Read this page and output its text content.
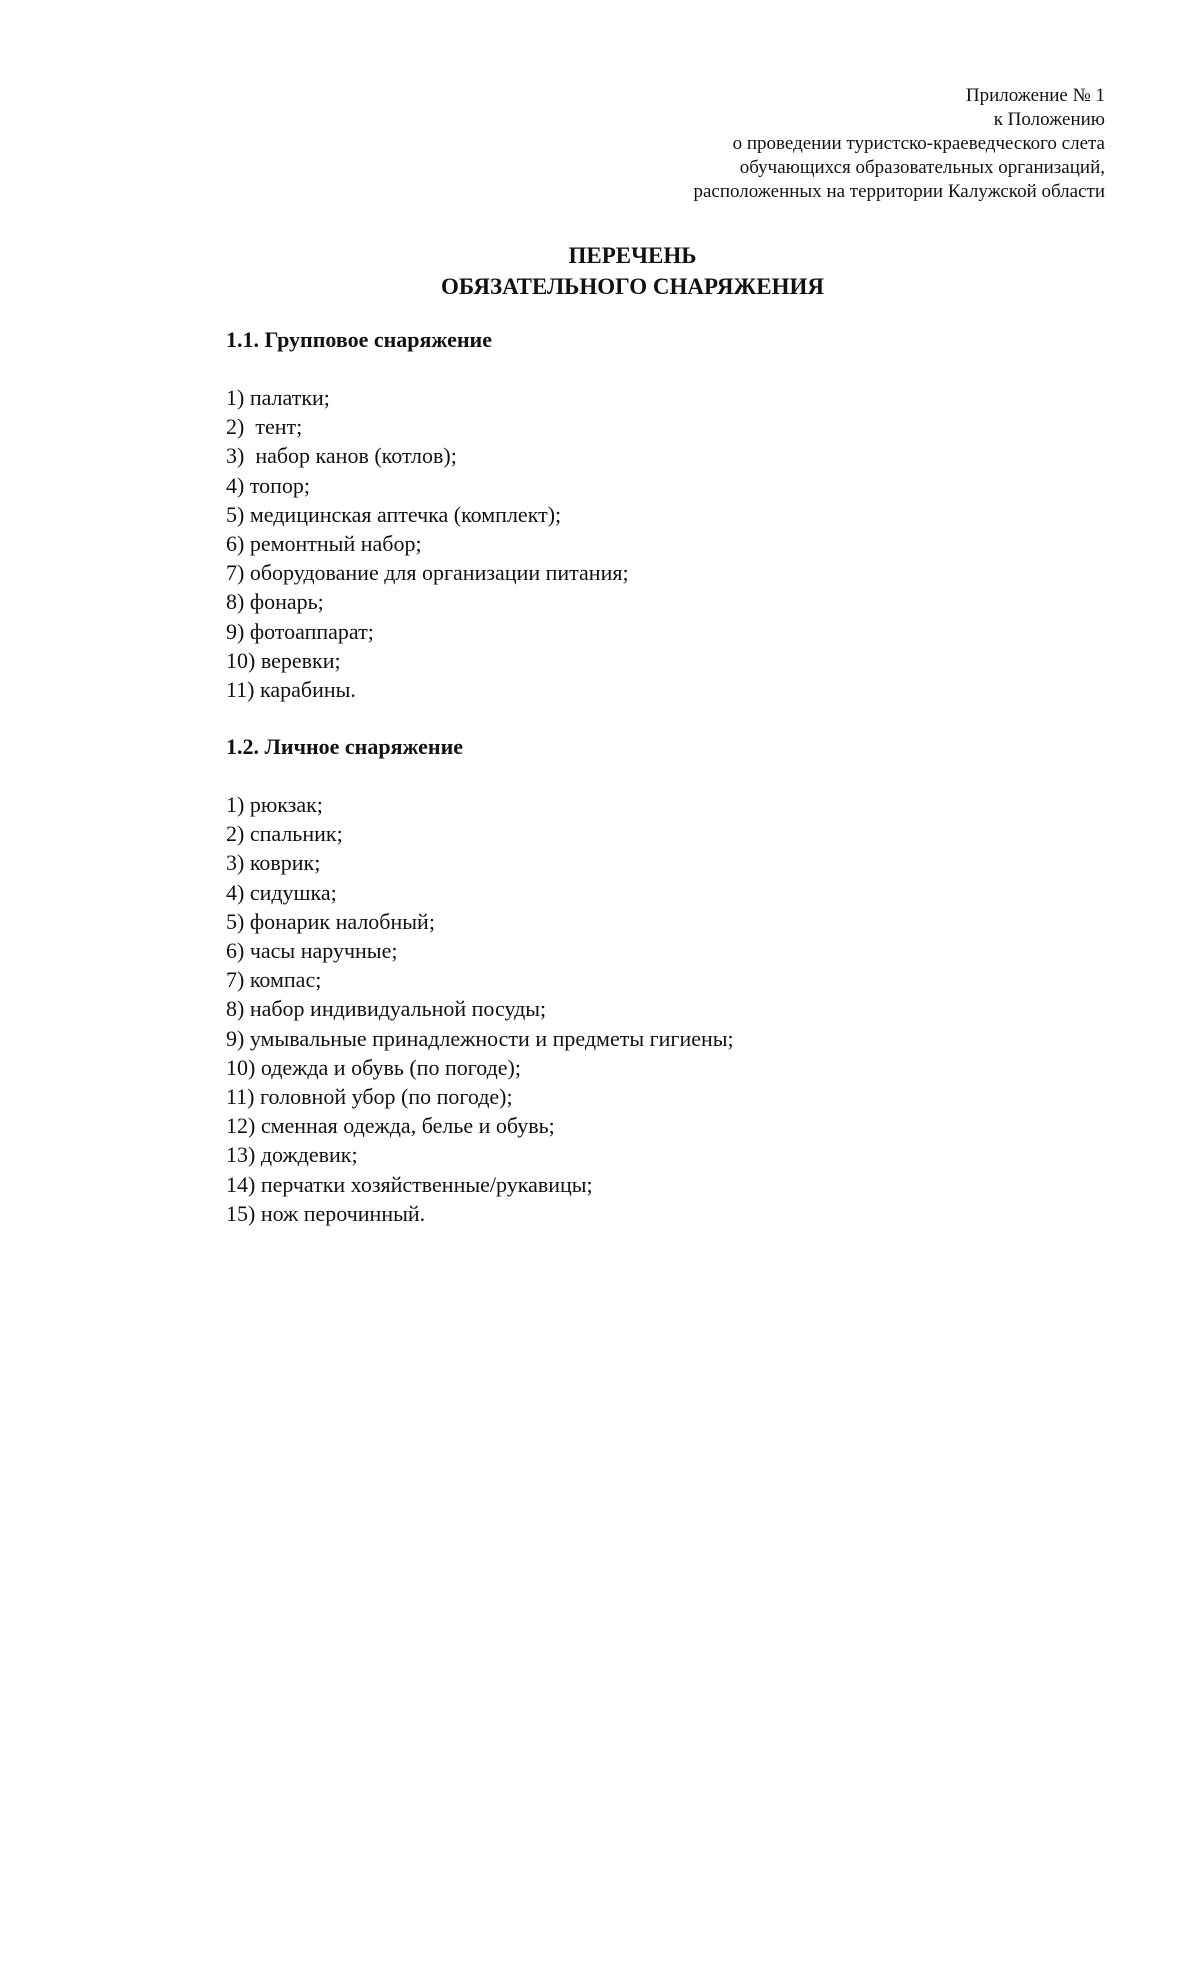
Приложение № 1
к Положению
о проведении туристско-краеведческого слета
обучающихся образовательных организаций,
расположенных на территории Калужской области
ПЕРЕЧЕНЬ
ОБЯЗАТЕЛЬНОГО СНАРЯЖЕНИЯ
1.1. Групповое снаряжение
1) палатки;
2)  тент;
3)  набор канов (котлов);
4) топор;
5) медицинская аптечка (комплект);
6) ремонтный набор;
7) оборудование для организации питания;
8) фонарь;
9) фотоаппарат;
10) веревки;
11) карабины.
1.2. Личное снаряжение
1) рюкзак;
2) спальник;
3) коврик;
4) сидушка;
5) фонарик налобный;
6) часы наручные;
7) компас;
8) набор индивидуальной посуды;
9) умывальные принадлежности и предметы гигиены;
10) одежда и обувь (по погоде);
11) головной убор (по погоде);
12) сменная одежда, белье и обувь;
13) дождевик;
14) перчатки хозяйственные/рукавицы;
15) нож перочинный.
